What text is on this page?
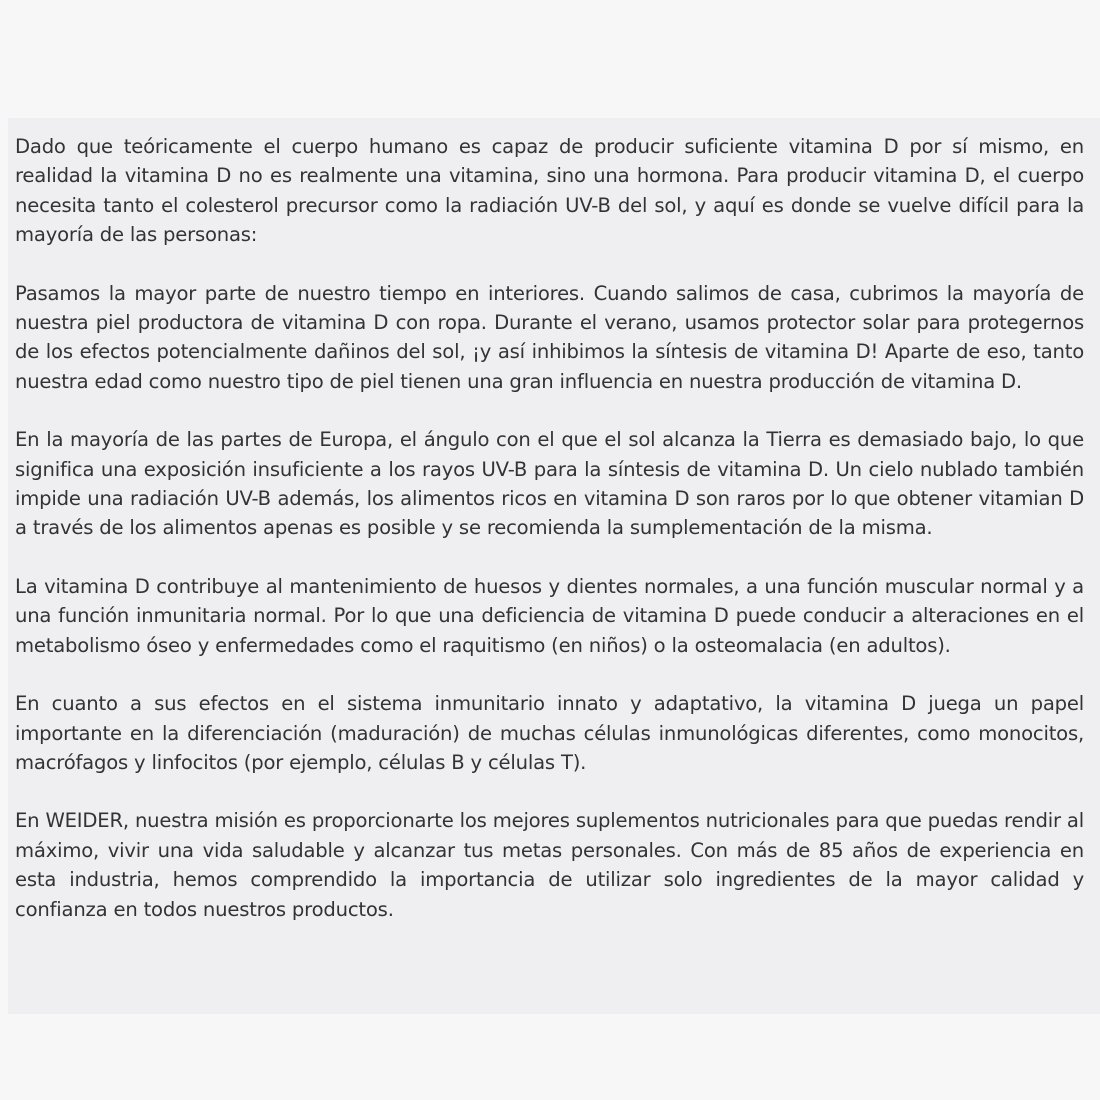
Dado que teóricamente el cuerpo humano es capaz de producir suficiente vitamina D por sí mismo, en realidad la vitamina D no es realmente una vitamina, sino una hormona. Para producir vitamina D, el cuerpo necesita tanto el colesterol precursor como la radiación UV-B del sol, y aquí es donde se vuelve difícil para la mayoría de las personas:

Pasamos la mayor parte de nuestro tiempo en interiores. Cuando salimos de casa, cubrimos la mayoría de nuestra piel productora de vitamina D con ropa. Durante el verano, usamos protector solar para protegernos de los efectos potencialmente dañinos del sol, ¡y así inhibimos la síntesis de vitamina D! Aparte de eso, tanto nuestra edad como nuestro tipo de piel tienen una gran influencia en nuestra producción de vitamina D.

En la mayoría de las partes de Europa, el ángulo con el que el sol alcanza la Tierra es demasiado bajo, lo que significa una exposición insuficiente a los rayos UV-B para la síntesis de vitamina D. Un cielo nublado también impide una radiación UV-B además, los alimentos ricos en vitamina D son raros por lo que obtener vitamian D a través de los alimentos apenas es posible y se recomienda la sumplementación de la misma.

La vitamina D contribuye al mantenimiento de huesos y dientes normales, a una función muscular normal y a una función inmunitaria normal. Por lo que una deficiencia de vitamina D puede conducir a alteraciones en el metabolismo óseo y enfermedades como el raquitismo (en niños) o la osteomalacia (en adultos).

En cuanto a sus efectos en el sistema inmunitario innato y adaptativo, la vitamina D juega un papel importante en la diferenciación (maduración) de muchas células inmunológicas diferentes, como monocitos, macrófagos y linfocitos (por ejemplo, células B y células T).

En WEIDER, nuestra misión es proporcionarte los mejores suplementos nutricionales para que puedas rendir al máximo, vivir una vida saludable y alcanzar tus metas personales. Con más de 85 años de experiencia en esta industria, hemos comprendido la importancia de utilizar solo ingredientes de la mayor calidad y confianza en todos nuestros productos.
